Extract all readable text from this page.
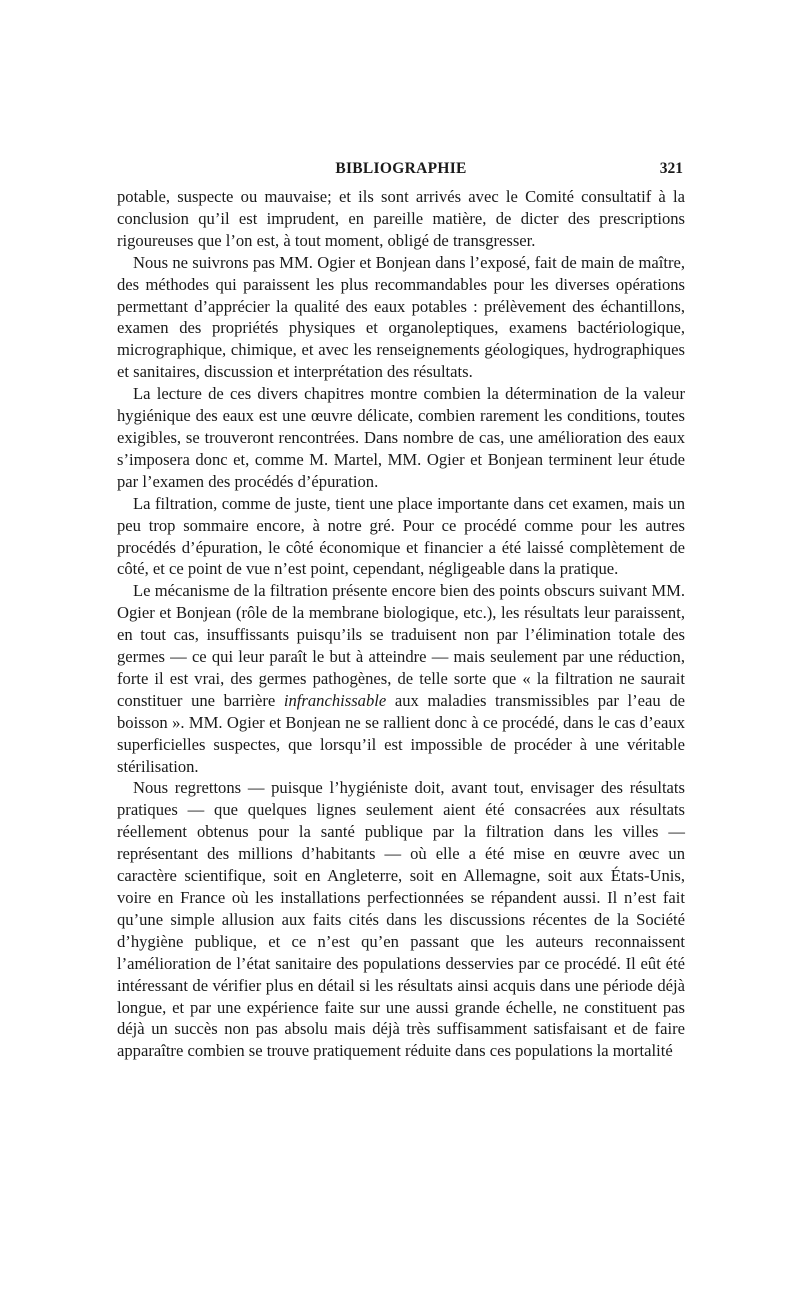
BIBLIOGRAPHIE	321

potable, suspecte ou mauvaise; et ils sont arrivés avec le Comité consultatif à la conclusion qu’il est imprudent, en pareille matière, de dicter des prescriptions rigoureuses que l’on est, à tout moment, obligé de transgresser.

Nous ne suivrons pas MM. Ogier et Bonjean dans l’exposé, fait de main de maître, des méthodes qui paraissent les plus recommandables pour les diverses opérations permettant d’apprécier la qualité des eaux potables : prélèvement des échantillons, examen des propriétés physiques et organoleptiques, examens bactériologique, micrographique, chimique, et avec les renseignements géologiques, hydrographiques et sanitaires, discussion et interprétation des résultats.

La lecture de ces divers chapitres montre combien la détermination de la valeur hygiénique des eaux est une œuvre délicate, combien rarement les conditions, toutes exigibles, se trouveront rencontrées. Dans nombre de cas, une amélioration des eaux s’imposera donc et, comme M. Martel, MM. Ogier et Bonjean terminent leur étude par l’examen des procédés d’épuration.

La filtration, comme de juste, tient une place importante dans cet examen, mais un peu trop sommaire encore, à notre gré. Pour ce procédé comme pour les autres procédés d’épuration, le côté économique et financier a été laissé complètement de côté, et ce point de vue n’est point, cependant, négligeable dans la pratique.

Le mécanisme de la filtration présente encore bien des points obscurs suivant MM. Ogier et Bonjean (rôle de la membrane biologique, etc.), les résultats leur paraissent, en tout cas, insuffissants puisqu’ils se traduisent non par l’élimination totale des germes — ce qui leur paraît le but à atteindre — mais seulement par une réduction, forte il est vrai, des germes pathogènes, de telle sorte que « la filtration ne saurait constituer une barrière infranchissable aux maladies transmissibles par l’eau de boisson ». MM. Ogier et Bonjean ne se rallient donc à ce procédé, dans le cas d’eaux superficielles suspectes, que lorsqu’il est impossible de procéder à une véritable stérilisation.

Nous regrettons — puisque l’hygiéniste doit, avant tout, envisager des résultats pratiques — que quelques lignes seulement aient été consacrées aux résultats réellement obtenus pour la santé publique par la filtration dans les villes — représentant des millions d’habitants — où elle a été mise en œuvre avec un caractère scientifique, soit en Angleterre, soit en Allemagne, soit aux États-Unis, voire en France où les installations perfectionnées se répandent aussi. Il n’est fait qu’une simple allusion aux faits cités dans les discussions récentes de la Société d’hygiène publique, et ce n’est qu’en passant que les auteurs reconnaissent l’amélioration de l’état sanitaire des populations desservies par ce procédé. Il eût été intéressant de vérifier plus en détail si les résultats ainsi acquis dans une période déjà longue, et par une expérience faite sur une aussi grande échelle, ne constituent pas déjà un succès non pas absolu mais déjà très suffisamment satisfaisant et de faire apparaître combien se trouve pratiquement réduite dans ces populations la mortalité
